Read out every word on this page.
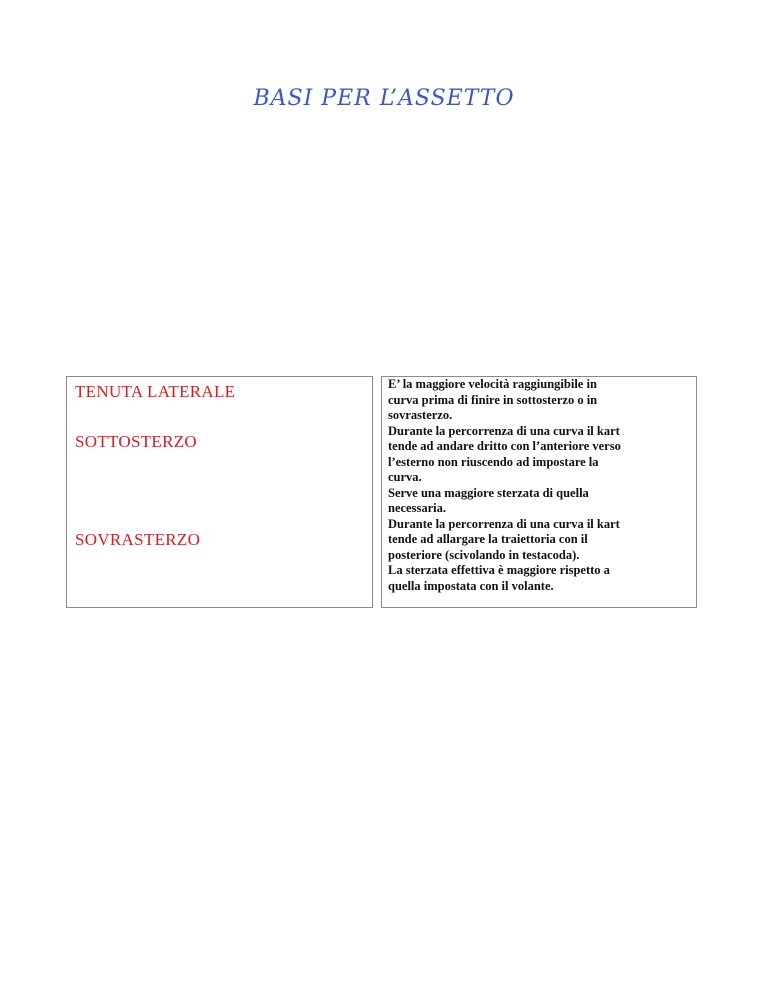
BASI PER L’ASSETTO
TENUTA LATERALE
SOTTOSTERZO
SOVRASTERZO
E’ la maggiore velocità raggiungibile in
curva prima di finire in sottosterzo o in
sovrasterzo.
Durante la percorrenza di una curva il kart
tende ad andare dritto con l’anteriore verso
l’esterno non riuscendo ad impostare la
curva.
Serve una maggiore sterzata di quella
necessaria.
Durante la percorrenza di una curva il kart
tende ad allargare la traiettoria con il
posteriore (scivolando in testacoda).
La sterzata effettiva è maggiore rispetto a
quella impostata con il volante.
